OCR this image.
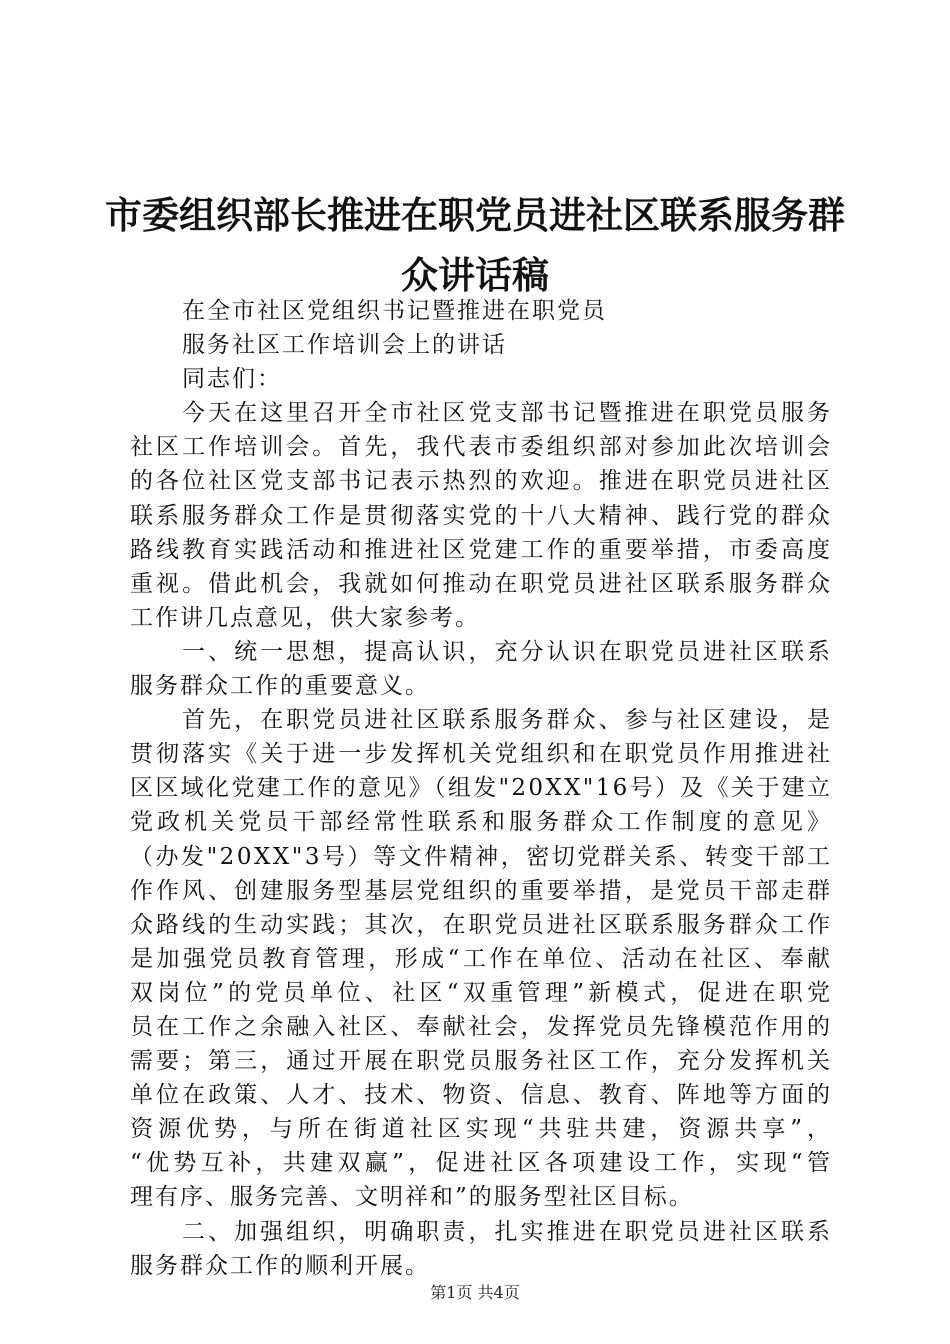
市委组织部长推进在职党员进社区联系服务群
众讲话稿
在全市社区党组织书记暨推进在职党员
服务社区工作培训会上的讲话
同志们：
今天在这里召开全市社区党支部书记暨推进在职党员服务
社区工作培训会。首先，我代表市委组织部对参加此次培训会
的各位社区党支部书记表示热烈的欢迎。推进在职党员进社区
联系服务群众工作是贯彻落实党的十八大精神、践行党的群众
路线教育实践活动和推进社区党建工作的重要举措，市委高度
重视。借此机会，我就如何推动在职党员进社区联系服务群众
工作讲几点意见，供大家参考。
一、统一思想，提高认识，充分认识在职党员进社区联系
服务群众工作的重要意义。
首先，在职党员进社区联系服务群众、参与社区建设，是
贯彻落实《关于进一步发挥机关党组织和在职党员作用推进社
区区域化党建工作的意见》（组发"20XX"16号）及《关于建立
党政机关党员干部经常性联系和服务群众工作制度的意见》
（办发"20XX"3号）等文件精神，密切党群关系、转变干部工
作作风、创建服务型基层党组织的重要举措，是党员干部走群
众路线的生动实践；其次，在职党员进社区联系服务群众工作
是加强党员教育管理，形成“工作在单位、活动在社区、奉献
双岗位”的党员单位、社区“双重管理”新模式，促进在职党
员在工作之余融入社区、奉献社会，发挥党员先锋模范作用的
需要；第三，通过开展在职党员服务社区工作，充分发挥机关
单位在政策、人才、技术、物资、信息、教育、阵地等方面的
资源优势，与所在街道社区实现“共驻共建，资源共享”，
“优势互补，共建双赢”，促进社区各项建设工作，实现“管
理有序、服务完善、文明祥和”的服务型社区目标。
二、加强组织，明确职责，扎实推进在职党员进社区联系
服务群众工作的顺利开展。
第1页 共4页
